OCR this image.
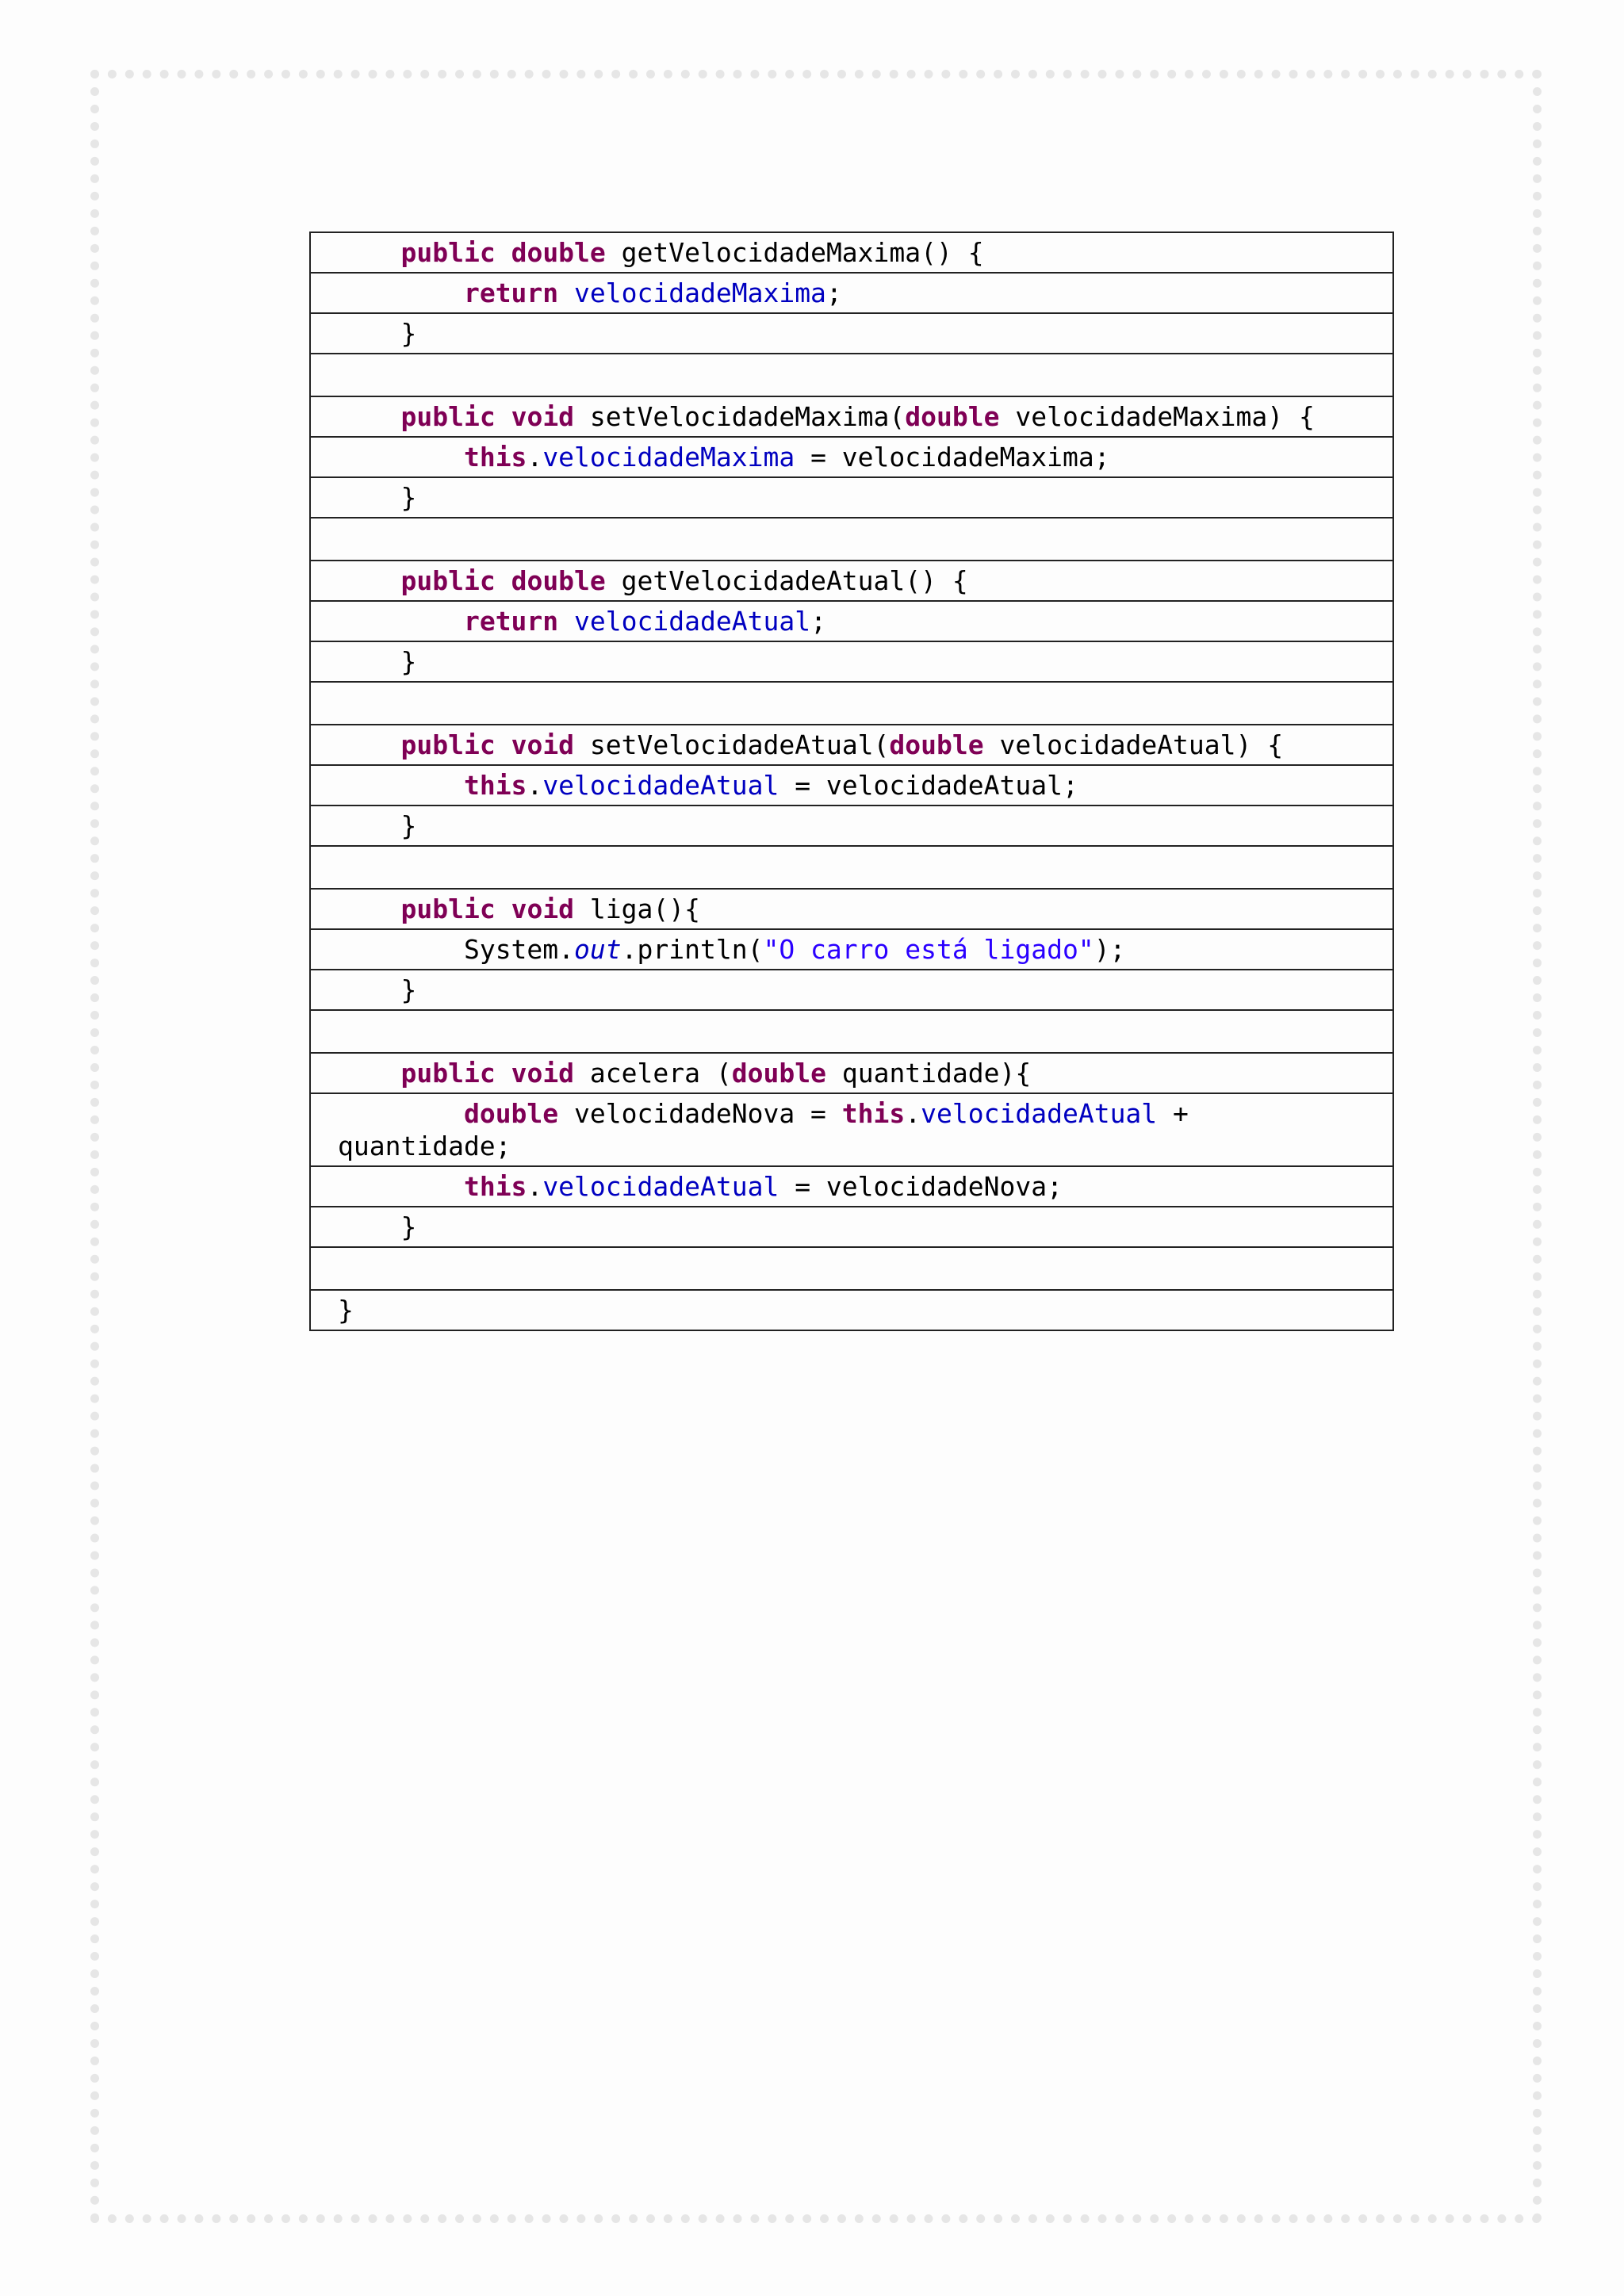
	public double getVelocidadeMaxima() {
		return velocidadeMaxima;
	}

	public void setVelocidadeMaxima(double velocidadeMaxima) {
		this.velocidadeMaxima = velocidadeMaxima;
	}

	public double getVelocidadeAtual() {
		return velocidadeAtual;
	}

	public void setVelocidadeAtual(double velocidadeAtual) {
		this.velocidadeAtual = velocidadeAtual;
	}

	public void liga(){
		System.out.println("O carro está ligado");
	}

	public void acelera (double quantidade){
		double velocidadeNova = this.velocidadeAtual +
quantidade;
		this.velocidadeAtual = velocidadeNova;
	}

}
